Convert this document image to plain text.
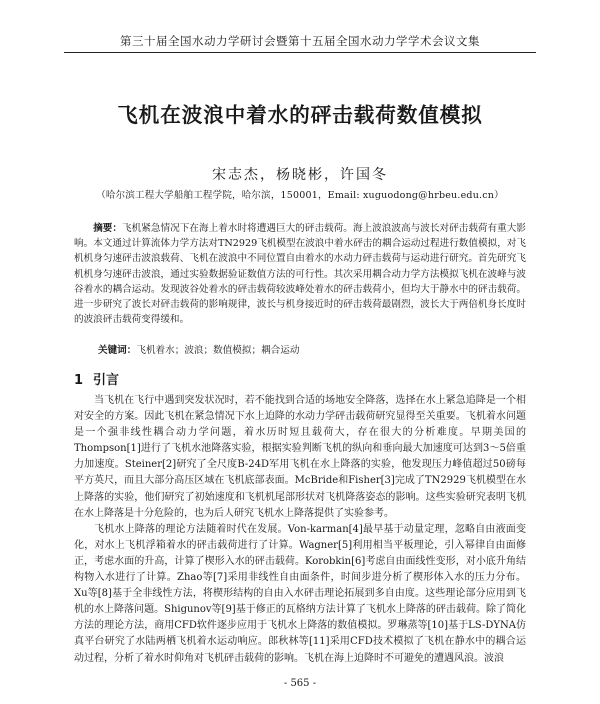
第三十届全国水动力学研讨会暨第十五届全国水动力学学术会议文集
飞机在波浪中着水的砰击载荷数值模拟
宋志杰，杨晓彬，许国冬
（哈尔滨工程大学船舶工程学院，哈尔滨，150001，Email: xuguodong@hrbeu.edu.cn）
摘要：飞机紧急情况下在海上着水时将遭遇巨大的砰击载荷。海上波浪波高与波长对砰击载荷有重大影响。本文通过计算流体力学方法对TN2929飞机模型在波浪中着水砰击的耦合运动过程进行数值模拟，对飞机机身匀速砰击波浪载荷、飞机在波浪中不同位置自由着水的水动力砰击载荷与运动进行研究。首先研究飞机机身匀速砰击波浪，通过实验数据验证数值方法的可行性。其次采用耦合动力学方法模拟飞机在波峰与波谷着水的耦合运动。发现波谷处着水的砰击载荷较波峰处着水的砰击载荷小，但均大于静水中的砰击载荷。进一步研究了波长对砰击载荷的影响规律，波长与机身接近时的砰击载荷最剧烈，波长大于两倍机身长度时的波浪砰击载荷变得缓和。
关键词：飞机着水；波浪；数值模拟；耦合运动
1 引言

当飞机在飞行中遇到突发状况时，若不能找到合适的场地安全降落，选择在水上紧急追降是一个相对安全的方案。因此飞机在紧急情况下水上迫降的水动力学砰击载荷研究显得至关重要。飞机着水问题是一个强非线性耦合动力学问题，着水历时短且载荷大，存在很大的分析难度。早期美国的Thompson[1]进行了飞机水池降落实验，根据实验判断飞机的纵向和垂向最大加速度可达到3～5倍重力加速度。Steiner[2]研究了全尺度B-24D军用飞机在水上降落的实验，他发现压力峰值超过50磅每平方英尺，而且大部分高压区域在飞机底部表面。McBride和Fisher[3]完成了TN2929飞机模型在水上降落的实验，他们研究了初始速度和飞机机尾部形状对飞机降落姿态的影响。这些实验研究表明飞机在水上降落是十分危险的，也为后人研究飞机水上降落提供了实验参考。

飞机水上降落的理论方法随着时代在发展。Von-karman[4]最早基于动量定理，忽略自由液面变化，对水上飞机浮箱着水的砰击载荷进行了计算。Wagner[5]利用相当平板理论，引入幂律自由面修正，考虑水面的升高，计算了楔形入水的砰击载荷。Korobkin[6]考虑自由面线性变形，对小底升角结构物入水进行了计算。Zhao等[7]采用非线性自由面条件，时间步进分析了楔形体入水的压力分布。Xu等[8]基于全非线性方法，将楔形结构的自由入水砰击理论拓展到多自由度。这些理论部分应用到飞机的水上降落问题。Shigunov等[9]基于修正的瓦格纳方法计算了飞机水上降落的砰击载荷。除了简化方法的理论方法，商用CFD软件逐步应用于飞机水上降落的数值模拟。罗琳蒸等[10]基于LS-DYNA仿真平台研究了水陆两栖飞机着水运动响应。郎秋林等[11]采用CFD技术模拟了飞机在静水中的耦合运动过程，分析了着水时仰角对飞机砰击载荷的影响。飞机在海上迫降时不可避免的遭遇风浪。波浪

- 565 -
